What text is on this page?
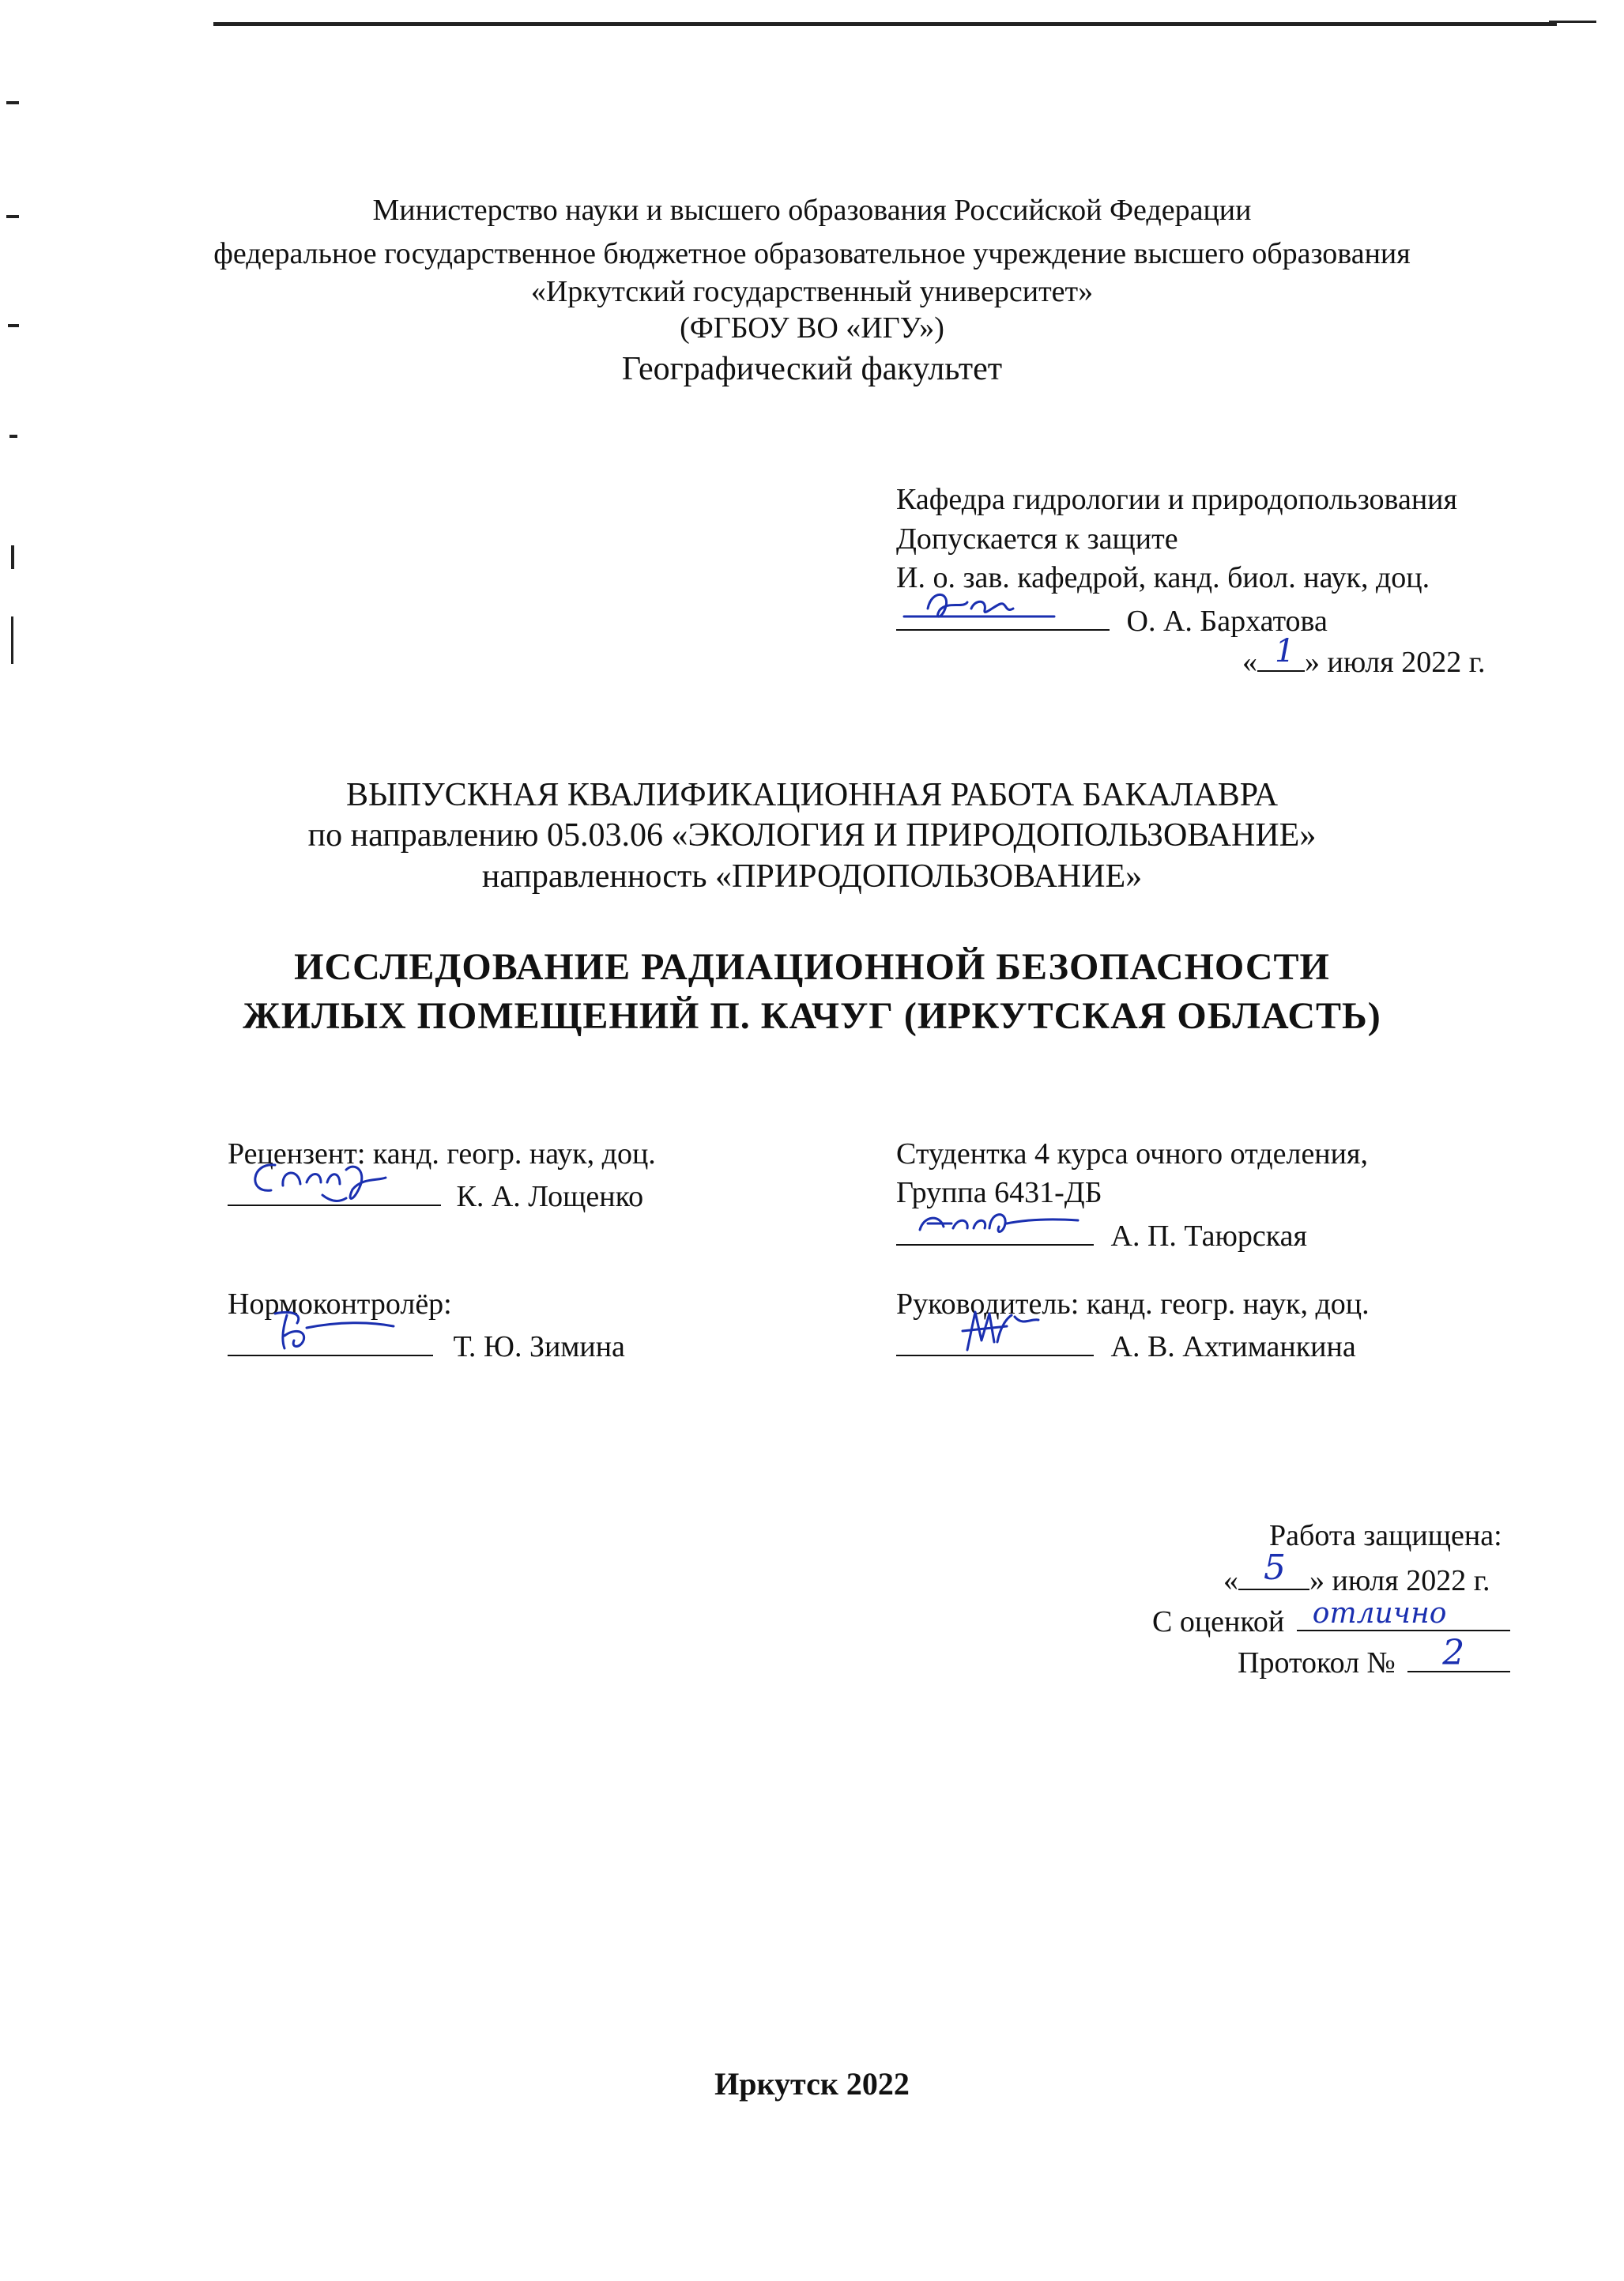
Министерство науки и высшего образования Российской Федерации
федеральное государственное бюджетное образовательное учреждение высшего образования
«Иркутский государственный университет»
(ФГБОУ ВО «ИГУ»)
Географический факультет
Кафедра гидрологии и природопользования
Допускается к защите
И. о. зав. кафедрой, канд. биол. наук, доц.
О. А. Бархатова
« 1 » июля 2022 г.
ВЫПУСКНАЯ КВАЛИФИКАЦИОННАЯ РАБОТА БАКАЛАВРА
по направлению 05.03.06 «ЭКОЛОГИЯ И ПРИРОДОПОЛЬЗОВАНИЕ»
направленность «ПРИРОДОПОЛЬЗОВАНИЕ»
ИССЛЕДОВАНИЕ РАДИАЦИОННОЙ БЕЗОПАСНОСТИ
ЖИЛЫХ ПОМЕЩЕНИЙ П. КАЧУГ (ИРКУТСКАЯ ОБЛАСТЬ)
Рецензент: канд. геогр. наук, доц.
К. А. Лощенко
Нормоконтролёр:
Т. Ю. Зимина
Студентка 4 курса очного отделения,
Группа 6431-ДБ
А. П. Таюрская
Руководитель: канд. геогр. наук, доц.
А. В. Ахтиманкина
Работа защищена:
« 5 » июля 2022 г.
С оценкой отлично
Протокол № 2
Иркутск 2022
